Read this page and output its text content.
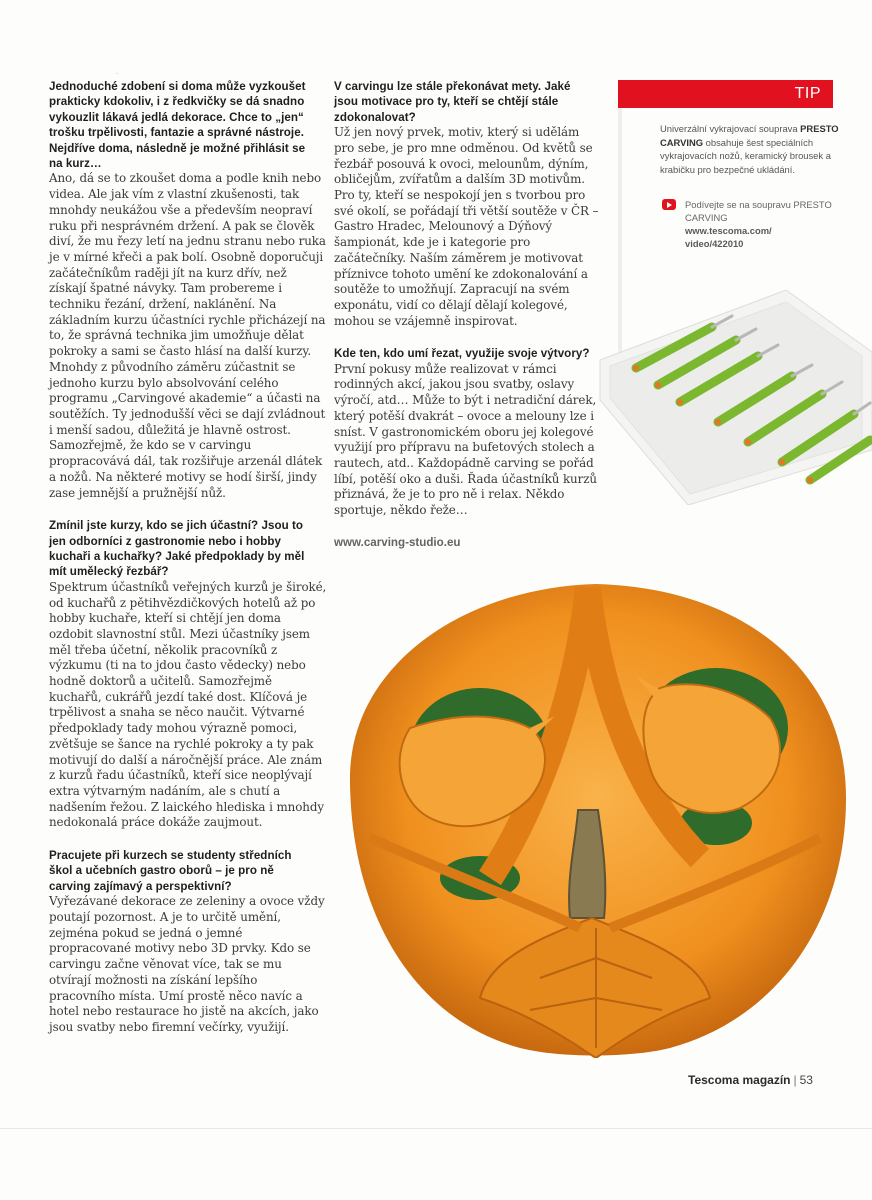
·

Jednoduché zdobení si doma může vyzkoušet prakticky kdokoliv, i z ředkvičky se dá snadno vykouzlit lákavá jedlá dekorace. Chce to „jen“ trošku trpělivosti, fantazie a správné nástroje. Nejdříve doma, následně je možné přihlásit se na kurz…

Ano, dá se to zkoušet doma a podle knih nebo videa. Ale jak vím z vlastní zkušenosti, tak mnohdy neukážou vše a především neopraví ruku při nesprávném držení. A pak se člověk diví, že mu řezy letí na jednu stranu nebo ruka je v mírné křeči a pak bolí. Osobně doporučuji začátečníkům raději jít na kurz dřív, než získají špatné návyky. Tam probereme i techniku řezání, držení, naklánění. Na základním kurzu účastníci rychle přicházejí na to, že správná technika jim umožňuje dělat pokroky a sami se často hlásí na další kurzy. Mnohdy z původního záměru zúčastnit se jednoho kurzu bylo absolvování celého programu „Carvingové akademie“ a účasti na soutěžích. Ty jednodušší věci se dají zvládnout i menší sadou, důležitá je hlavně ostrost. Samozřejmě, že kdo se v carvingu propracovává dál, tak rozšiřuje arzenál dlátek a nožů. Na některé motivy se hodí širší, jindy zase jemnější a pružnější nůž.

Zmínil jste kurzy, kdo se jich účastní? Jsou to jen odborníci z gastronomie nebo i hobby kuchaři a kuchařky? Jaké předpoklady by měl mít umělecký řezbář?

Spektrum účastníků veřejných kurzů je široké, od kuchařů z pětihvězdičkových hotelů až po hobby kuchaře, kteří si chtějí jen doma ozdobit slavnostní stůl. Mezi účastníky jsem měl třeba účetní, několik pracovníků z výzkumu (ti na to jdou často vědecky) nebo hodně doktorů a učitelů. Samozřejmě kuchařů, cukrářů jezdí také dost. Klíčová je trpělivost a snaha se něco naučit. Výtvarné předpoklady tady mohou výrazně pomoci, zvětšuje se šance na rychlé pokroky a ty pak motivují do další a náročnější práce. Ale znám z kurzů řadu účastníků, kteří sice neoplývají extra výtvarným nadáním, ale s chutí a nadšením řežou. Z laického hlediska i mnohdy nedokonalá práce dokáže zaujmout.

Pracujete při kurzech se studenty středních škol a učebních gastro oborů – je pro ně carving zajímavý a perspektivní?

Vyřezávané dekorace ze zeleniny a ovoce vždy poutají pozornost. A je to určitě umění, zejména pokud se jedná o jemné propracované motivy nebo 3D prvky. Kdo se carvingu začne věnovat více, tak se mu otvírají možnosti na získání lepšího pracovního místa. Umí prostě něco navíc a hotel nebo restaurace ho jistě na akcích, jako jsou svatby nebo firemní večírky, využijí.

V carvingu lze stále překonávat mety. Jaké jsou motivace pro ty, kteří se chtějí stále zdokonalovat?

Už jen nový prvek, motiv, který si udělám pro sebe, je pro mne odměnou. Od květů se řezbář posouvá k ovoci, melounům, dýním, obličejům, zvířatům a dalším 3D motivům. Pro ty, kteří se nespokojí jen s tvorbou pro své okolí, se pořádají tři větší soutěže v ČR – Gastro Hradec, Melounový a Dýňový šampionát, kde je i kategorie pro začátečníky. Naším záměrem je motivovat příznivce tohoto umění ke zdokonalování a soutěže to umožňují. Zapracují na svém exponátu, vidí co dělají dělají kolegové, mohou se vzájemně inspirovat.

Kde ten, kdo umí řezat, využije svoje výtvory?

První pokusy může realizovat v rámci rodinných akcí, jakou jsou svatby, oslavy výročí, atd… Může to být i netradiční dárek, který potěší dvakrát – ovoce a melouny lze i sníst. V gastronomickém oboru jej kolegové využijí pro přípravu na bufetových stolech a rautech, atd.. Každopádně carving se pořád líbí, potěší oko a duši. Řada účastníků kurzů přiznává, že je to pro ně i relax. Někdo sportuje, někdo řeže…

www.carving-studio.eu
TIP
Univerzální vykrajovací souprava PRESTO CARVING obsahuje šest speciálních vykrajovacích nožů, keramický brousek a krabičku pro bezpečné ukládání.
Podívejte se na soupravu PRESTO CARVING
www.tescoma.com/
video/422010
Tescoma magazín | 53
